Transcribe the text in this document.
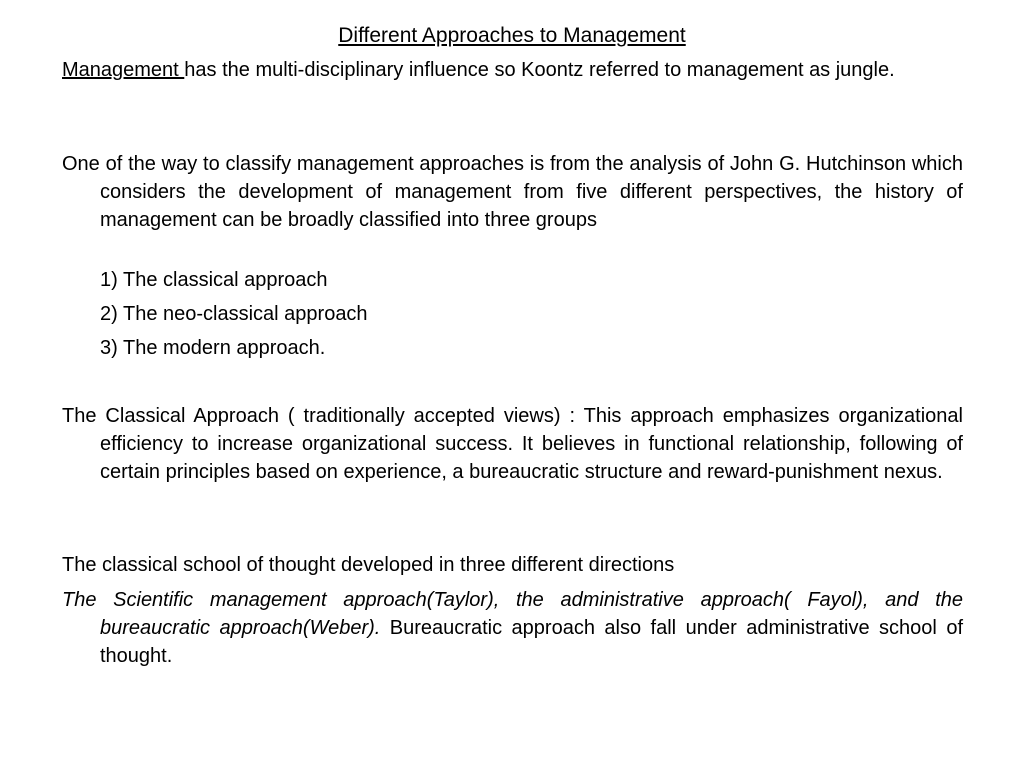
Different Approaches to Management
Management has the multi-disciplinary influence so Koontz referred to management as jungle.
One of the way to classify management approaches is from the analysis of John G. Hutchinson which considers the development of management from five different perspectives, the history of management can be broadly classified into three groups
1) The classical approach
2) The neo-classical approach
3) The modern approach.
The Classical Approach ( traditionally accepted views) : This approach emphasizes organizational efficiency to increase organizational success. It believes in functional relationship, following of certain principles based on experience, a bureaucratic structure and reward-punishment nexus.
The classical school of thought developed in three different directions
The Scientific management approach(Taylor), the administrative approach( Fayol), and the bureaucratic approach(Weber). Bureaucratic approach also fall under administrative school of thought.
